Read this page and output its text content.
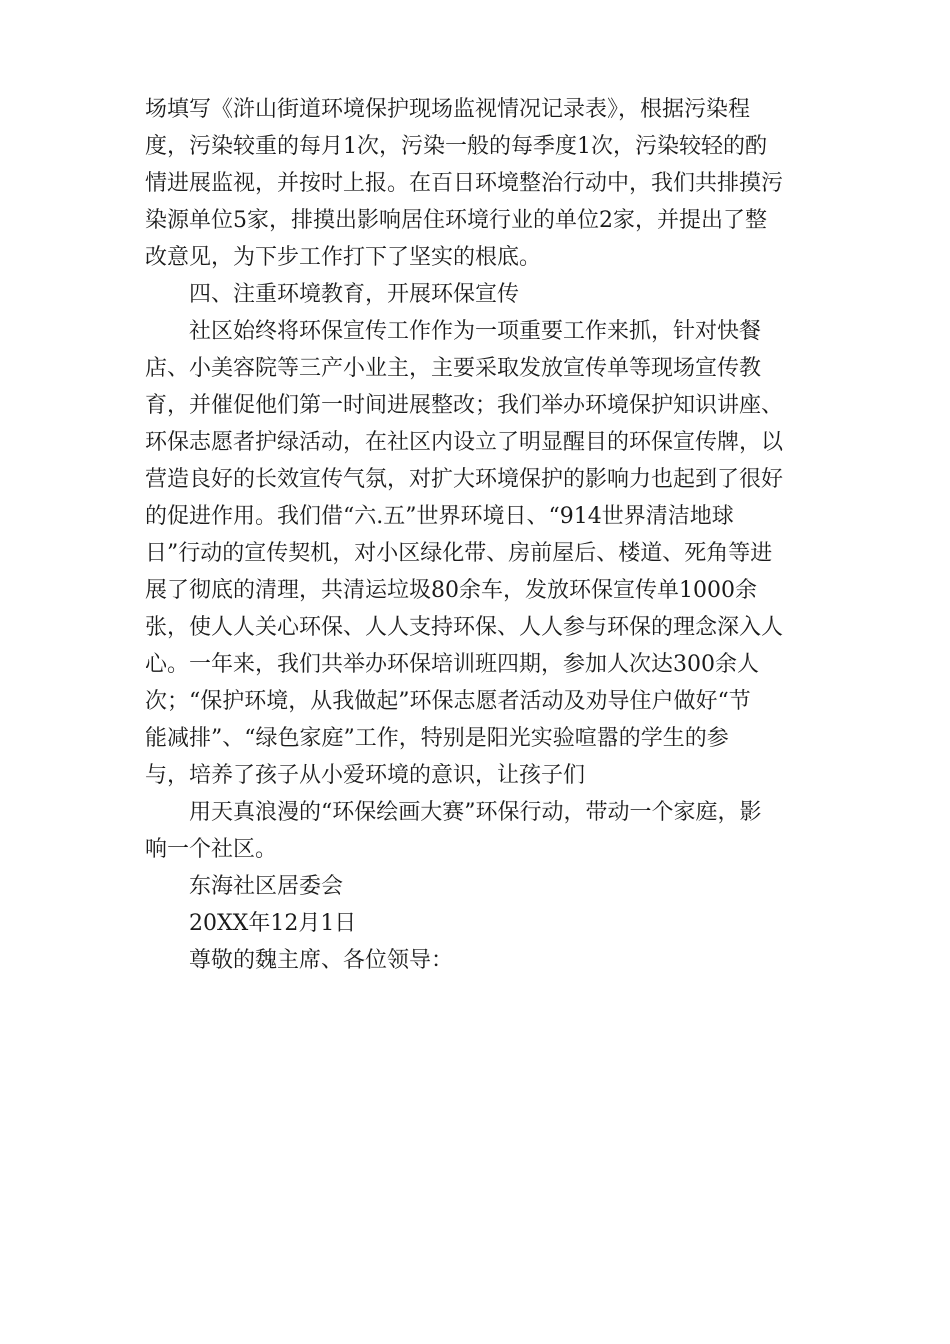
场填写《浒山街道环境保护现场监视情况记录表》，根据污染程

度，污染较重的每月1次，污染一般的每季度1次，污染较轻的酌

情进展监视，并按时上报。在百日环境整治行动中，我们共排摸污

染源单位5家，排摸出影响居住环境行业的单位2家，并提出了整

改意见，为下步工作打下了坚实的根底。

四、注重环境教育，开展环保宣传

社区始终将环保宣传工作作为一项重要工作来抓，针对快餐

店、小美容院等三产小业主，主要采取发放宣传单等现场宣传教

育，并催促他们第一时间进展整改；我们举办环境保护知识讲座、

环保志愿者护绿活动，在社区内设立了明显醒目的环保宣传牌，以

营造良好的长效宣传气氛，对扩大环境保护的影响力也起到了很好

的促进作用。我们借“六.五”世界环境日、“914世界清洁地球

日”行动的宣传契机，对小区绿化带、房前屋后、楼道、死角等进

展了彻底的清理，共清运垃圾80余车，发放环保宣传单1000余

张，使人人关心环保、人人支持环保、人人参与环保的理念深入人

心。一年来，我们共举办环保培训班四期，参加人次达300余人

次；“保护环境，从我做起”环保志愿者活动及劝导住户做好“节

能减排”、“绿色家庭”工作，特别是阳光实验喧嚣的学生的参

与，培养了孩子从小爱环境的意识，让孩子们

用天真浪漫的“环保绘画大赛”环保行动，带动一个家庭，影

响一个社区。

东海社区居委会

20XX年12月1日

尊敬的魏主席、各位领导：
